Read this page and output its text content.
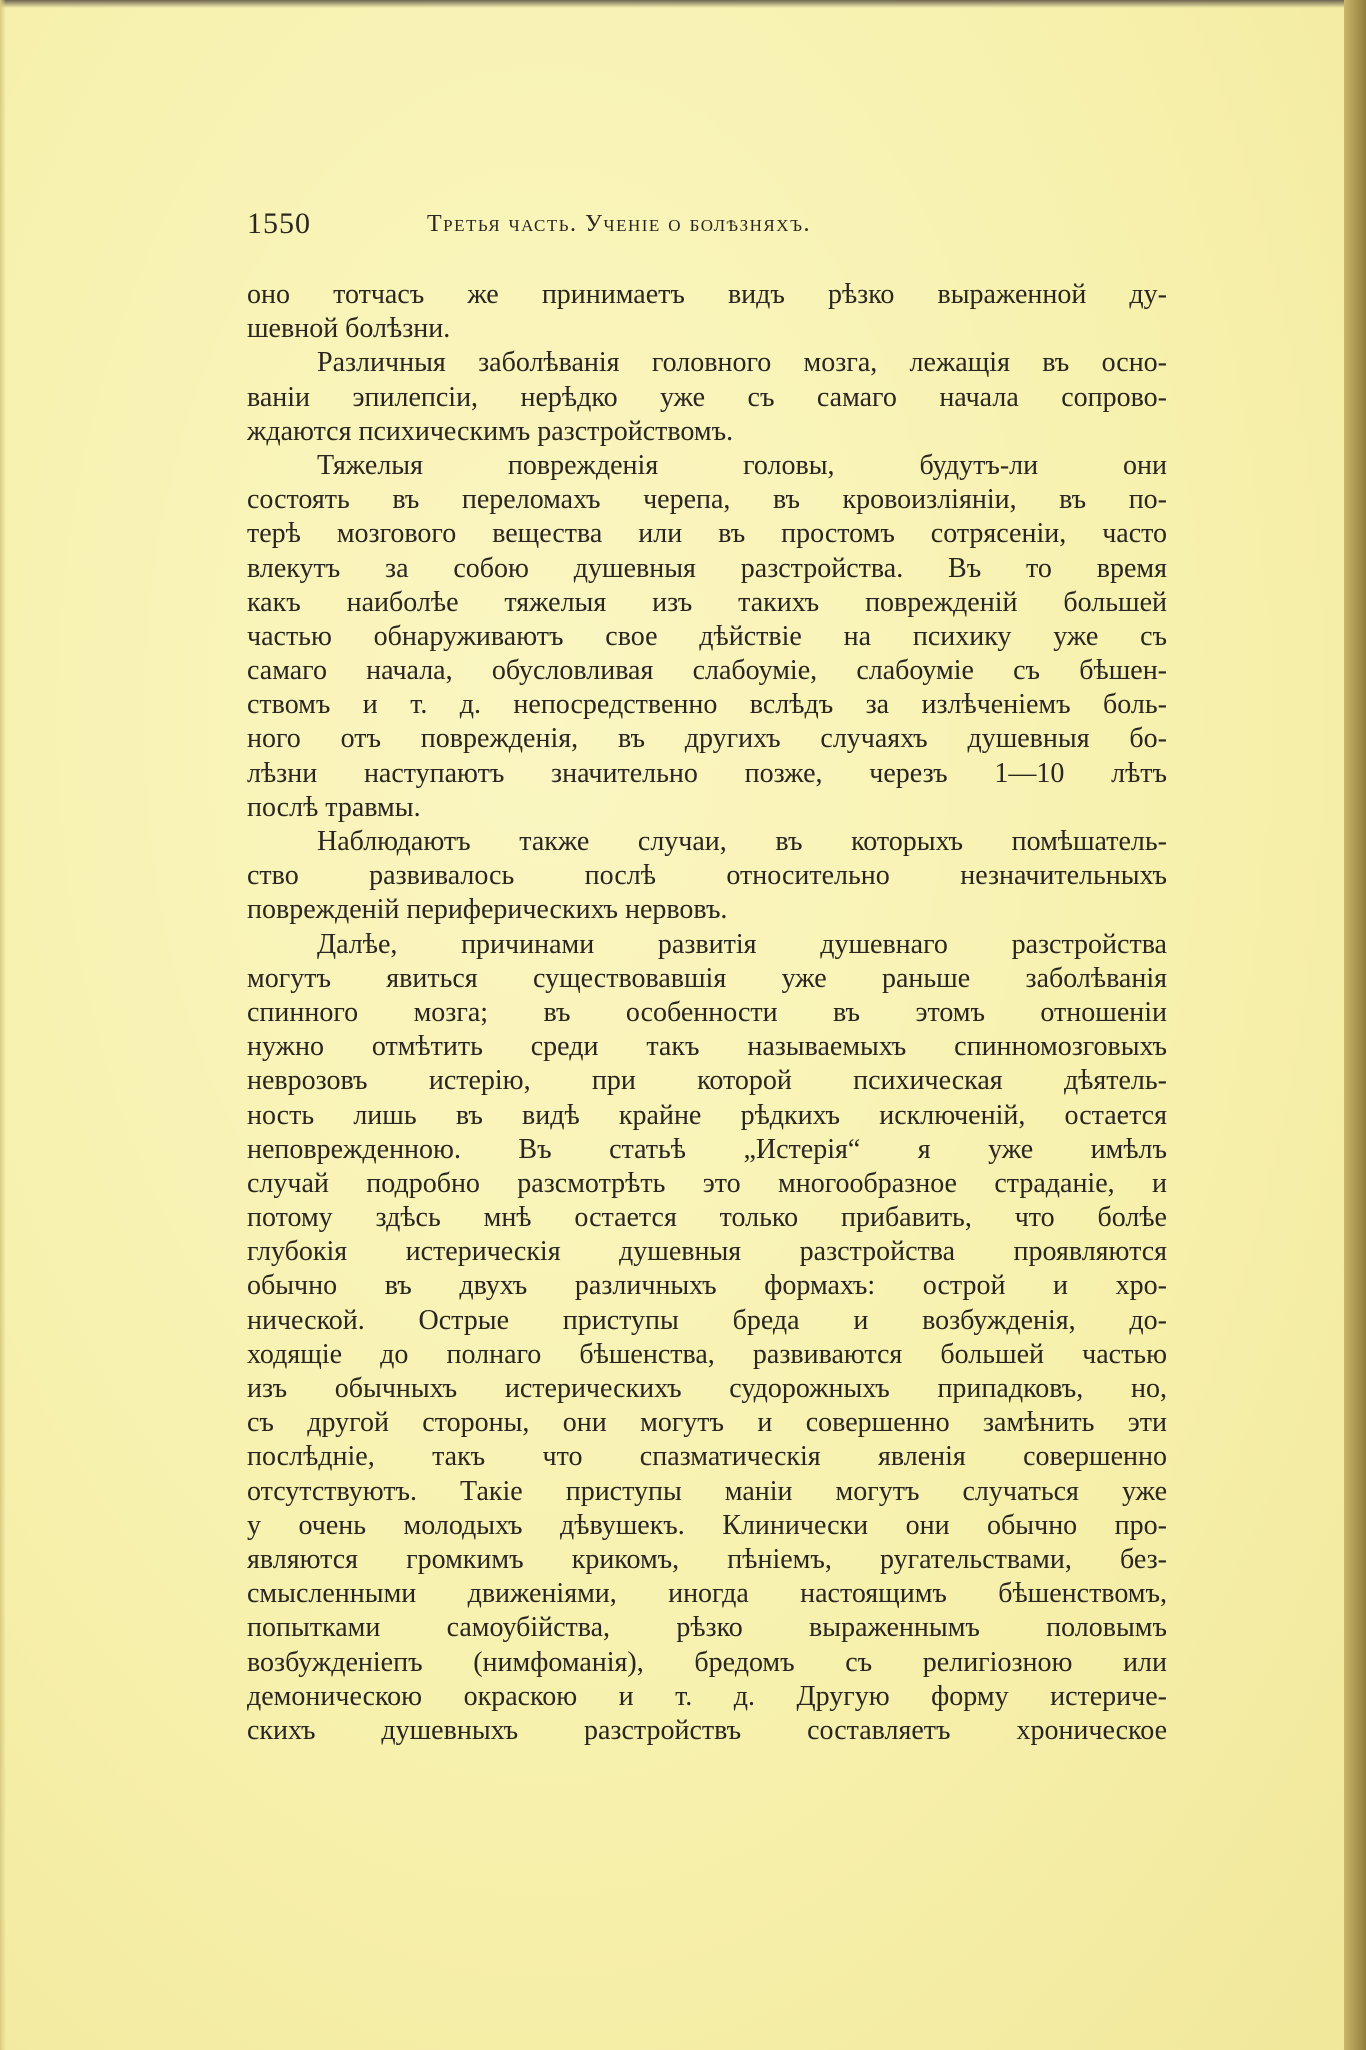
1550	Третья часть. Ученiе о болѣзняхъ.
оно тотчасъ же принимаетъ видъ рѣзко выраженной ду-
шевной болѣзни.
Различныя заболѣванiя головного мозга, лежащiя въ осно-
ванiи эпилепсiи, нерѣдко уже съ самаго начала сопрово-
ждаются психическимъ разстройствомъ.
Тяжелыя поврежденiя головы, будутъ-ли они
состоять въ переломахъ черепа, въ кровоизлiянiи, въ по-
терѣ мозгового вещества или въ простомъ сотрясенiи, часто
влекутъ за собою душевныя разстройства. Въ то время
какъ наиболѣе тяжелыя изъ такихъ поврежденiй большей
частью обнаруживаютъ свое дѣйствiе на психику уже съ
самаго начала, обусловливая слабоумiе, слабоумiе съ бѣшен-
ствомъ и т. д. непосредственно вслѣдъ за излѣченiемъ боль-
ного отъ поврежденiя, въ другихъ случаяхъ душевныя бо-
лѣзни наступаютъ значительно позже, черезъ 1—10 лѣтъ
послѣ травмы.
Наблюдаютъ также случаи, въ которыхъ помѣшатель-
ство развивалось послѣ относительно незначительныхъ
поврежденiй периферическихъ нервовъ.
Далѣе, причинами развитiя душевнаго разстройства
могутъ явиться существовавшiя уже раньше заболѣванiя
спинного мозга; въ особенности въ этомъ отношенiи
нужно отмѣтить среди такъ называемыхъ спинномозговыхъ
неврозовъ истерiю, при которой психическая дѣятель-
ность лишь въ видѣ крайне рѣдкихъ исключенiй, остается
неповрежденною. Въ статьѣ „Истерiя“ я уже имѣлъ
случай подробно разсмотрѣть это многообразное страданiе, и
потому здѣсь мнѣ остается только прибавить, что болѣе
глубокiя истерическiя душевныя разстройства проявляются
обычно въ двухъ различныхъ формахъ: острой и хро-
нической. Острые приступы бреда и возбужденiя, до-
ходящiе до полнаго бѣшенства, развиваются большей частью
изъ обычныхъ истерическихъ судорожныхъ припадковъ, но,
съ другой стороны, они могутъ и совершенно замѣнить эти
послѣднiе, такъ что спазматическiя явленiя совершенно
отсутствуютъ. Такiе приступы манiи могутъ случаться уже
у очень молодыхъ дѣвушекъ. Клинически они обычно про-
являются громкимъ крикомъ, пѣнiемъ, ругательствами, без-
смысленными движенiями, иногда настоящимъ бѣшенствомъ,
попытками самоубiйства, рѣзко выраженнымъ половымъ
возбужденiепъ (нимфоманiя), бредомъ съ религiозною или
демоническою окраскою и т. д. Другую форму истериче-
скихъ душевныхъ разстройствъ составляетъ хроническое
